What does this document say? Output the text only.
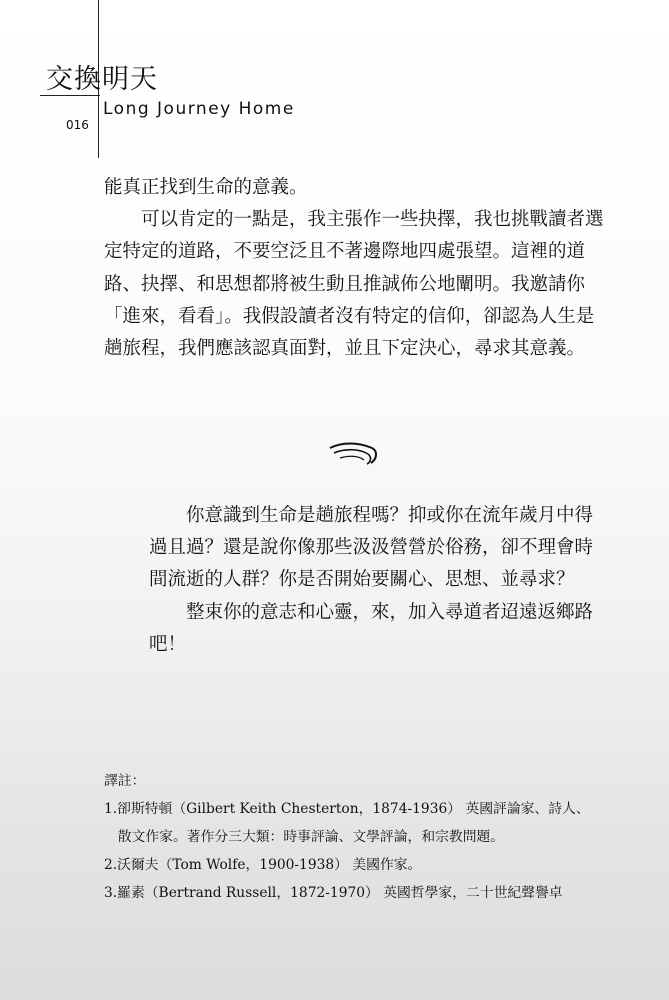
交換明天
Long Journey Home
016

能真正找到生命的意義。

可以肯定的一點是，我主張作一些抉擇，我也挑戰讀者選定特定的道路，不要空泛且不著邊際地四處張望。這裡的道路、抉擇、和思想都將被生動且推誠佈公地闡明。我邀請你「進來，看看」。我假設讀者沒有特定的信仰，卻認為人生是趟旅程，我們應該認真面對，並且下定決心，尋求其意義。

你意識到生命是趟旅程嗎？抑或你在流年歲月中得過且過？還是說你像那些汲汲營營於俗務，卻不理會時間流逝的人群？你是否開始要關心、思想、並尋求？

整束你的意志和心靈，來，加入尋道者迢遠返鄉路吧！

譯註：

1.卻斯特頓（Gilbert Keith Chesterton，1874-1936） 英國評論家、詩人、

散文作家。著作分三大類：時事評論、文學評論，和宗教問題。

2.沃爾夫（Tom Wolfe，1900-1938） 美國作家。

3.羅素（Bertrand Russell，1872-1970） 英國哲學家，二十世紀聲譽卓
